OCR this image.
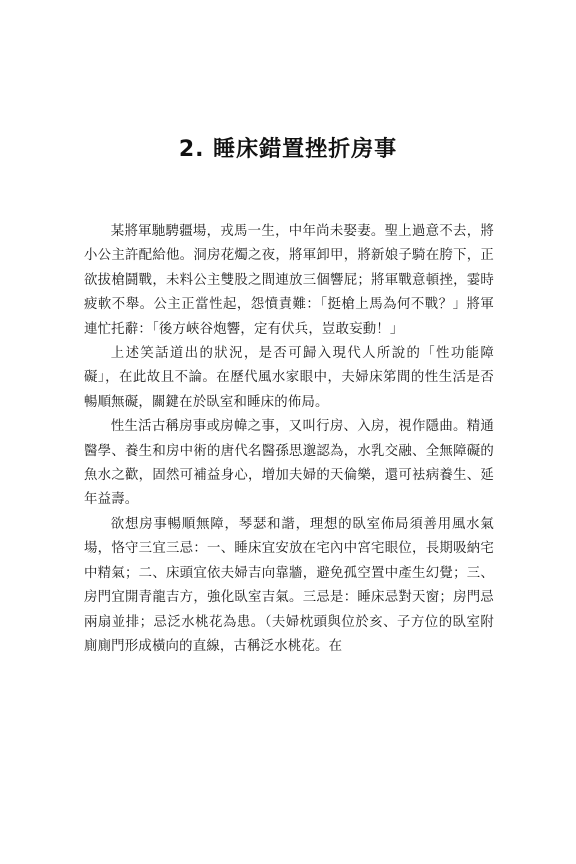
2. 睡床錯置挫折房事

某將軍馳騁疆場，戎馬一生，中年尚未娶妻。聖上過意不去，將小公主許配給他。洞房花燭之夜，將軍卸甲，將新娘子騎在胯下，正欲拔槍鬪戰，未料公主雙股之間連放三個響屁；將軍戰意頓挫，霎時疲軟不舉。公主正當性起，怨憤責難：「挺槍上馬為何不戰？」將軍連忙托辭：「後方峽谷炮響，定有伏兵，豈敢妄動！」

上述笑話道出的狀況，是否可歸入現代人所說的「性功能障礙」，在此故且不論。在歷代風水家眼中，夫婦床笫間的性生活是否暢順無礙，關鍵在於臥室和睡床的佈局。

性生活古稱房事或房幃之事，又叫行房、入房，視作隱曲。精通醫學、養生和房中術的唐代名醫孫思邈認為，水乳交融、全無障礙的魚水之歡，固然可補益身心，增加夫婦的天倫樂，還可袪病養生、延年益壽。

欲想房事暢順無障，琴瑟和諧，理想的臥室佈局須善用風水氣場，恪守三宜三忌：一、睡床宜安放在宅內中宮宅眼位，長期吸納宅中精氣；二、床頭宜依夫婦吉向靠牆，避免孤空置中產生幻覺；三、房門宜開青龍吉方，強化臥室吉氣。三忌是：睡床忌對天窗；房門忌兩扇並排；忌泛水桃花為患。（夫婦枕頭與位於亥、子方位的臥室附廁廁門形成橫向的直線，古稱泛水桃花。在
